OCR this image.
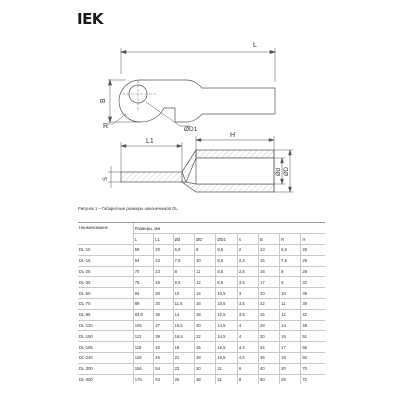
IEK
L
B
R	ØD1
L1
H
S
Ød ØD
Рисунок 1 – Габаритные размеры наконечников DL
Наименование	Размеры, мм								
	L	L1	Ød	ØD	ØD1	s	B	R	H
DL-10	59	20	5,8	8	8,5	2	13	6,5	28
DL-16	64	23	7,5	10	8,5	2,3	15	7,5	29
DL-25	70	23	8	11	8,5	2,8	16	8	29
DL-35	75	25	8,5	12	8,5	3,5	17	9	32
DL-50	84	30	10	14	10,5	3	20	10	39
DL-70	89	30	11,5	16	10,5	3,5	22	11	39
DL-95	93,8	36	14	18	12,5	3,5	25	12	42
DL-120	105	37	15,5	20	14,5	4	28	14	48
DL-150	113	39	16,5	22	14,5	4	30	15	51
DL-185	118	40	19	25	16,5	4,4	34	17	56
DL-240	126	45	21	28	16,5	4,6	36	18	60
DL-300	156	54	23	30	21	6	40	20	70
DL-400	175	63	26	38	21	9	50	25	70
